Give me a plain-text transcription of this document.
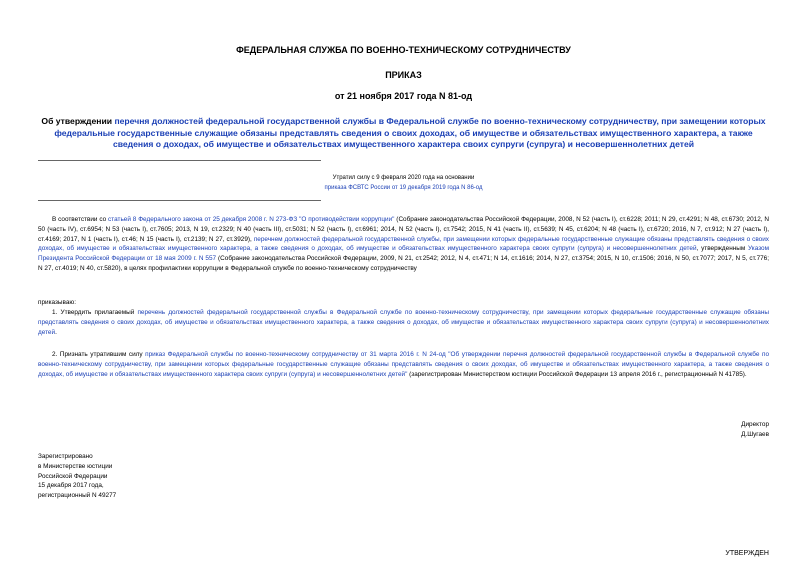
ФЕДЕРАЛЬНАЯ СЛУЖБА ПО ВОЕННО-ТЕХНИЧЕСКОМУ СОТРУДНИЧЕСТВУ
ПРИКАЗ
от 21 ноября 2017 года N 81-од
Об утверждении перечня должностей федеральной государственной службы в Федеральной службе по военно-техническому сотрудничеству, при замещении которых федеральные государственные служащие обязаны представлять сведения о своих доходах, об имуществе и обязательствах имущественного характера, а также сведения о доходах, об имуществе и обязательствах имущественного характера своих супруги (супруга) и несовершеннолетних детей
Утратил силу с 9 февраля 2020 года на основании
приказа ФСВТС России от 19 декабря 2019 года N 86-од
В соответствии со статьей 8 Федерального закона от 25 декабря 2008 г. N 273-ФЗ "О противодействии коррупции" (Собрание законодательства Российской Федерации, 2008, N 52 (часть I), ст.6228; 2011; N 29, ст.4291; N 48, ст.6730; 2012, N 50 (часть IV), ст.6954; N 53 (часть I), ст.7605; 2013, N 19, ст.2329; N 40 (часть III), ст.5031; N 52 (часть I), ст.6961; 2014, N 52 (часть I), ст.7542; 2015, N 41 (часть II), ст.5639; N 45, ст.6204; N 48 (часть I), ст.6720; 2016, N 7, ст.912; N 27 (часть I), ст.4169; 2017, N 1 (часть I), ст.46; N 15 (часть I), ст.2139; N 27, ст.3929), перечнем должностей федеральной государственной службы, при замещении которых федеральные государственные служащие обязаны представлять сведения о своих доходах, об имуществе и обязательствах имущественного характера, а также сведения о доходах, об имуществе и обязательствах имущественного характера своих супруги (супруга) и несовершеннолетних детей, утвержденным Указом Президента Российской Федерации от 18 мая 2009 г. N 557 (Собрание законодательства Российской Федерации, 2009, N 21, ст.2542; 2012, N 4, ст.471; N 14, ст.1616; 2014, N 27, ст.3754; 2015, N 10, ст.1506; 2016, N 50, ст.7077; 2017, N 5, ст.776; N 27, ст.4019; N 40, ст.5820), в целях профилактики коррупции в Федеральной службе по военно-техническому сотрудничеству
приказываю:
1. Утвердить прилагаемый перечень должностей федеральной государственной службы в Федеральной службе по военно-техническому сотрудничеству, при замещении которых федеральные государственные служащие обязаны представлять сведения о своих доходах, об имуществе и обязательствах имущественного характера, а также сведения о доходах, об имуществе и обязательствах имущественного характера своих супруги (супруга) и несовершеннолетних детей.
2. Признать утратившим силу приказ Федеральной службы по военно-техническому сотрудничеству от 31 марта 2016 г. N 24-од "Об утверждении перечня должностей федеральной государственной службы в Федеральной службе по военно-техническому сотрудничеству, при замещении которых федеральные государственные служащие обязаны представлять сведения о своих доходах, об имуществе и обязательствах имущественного характера, а также сведения о доходах, об имуществе и обязательствах имущественного характера своих супруги (супруга) и несовершеннолетних детей" (зарегистрирован Министерством юстиции Российской Федерации 13 апреля 2016 г., регистрационный N 41785).
Директор
Д.Шугаев
Зарегистрировано
в Министерстве юстиции
Российской Федерации
15 декабря 2017 года,
регистрационный N 49277
УТВЕРЖДЕН
